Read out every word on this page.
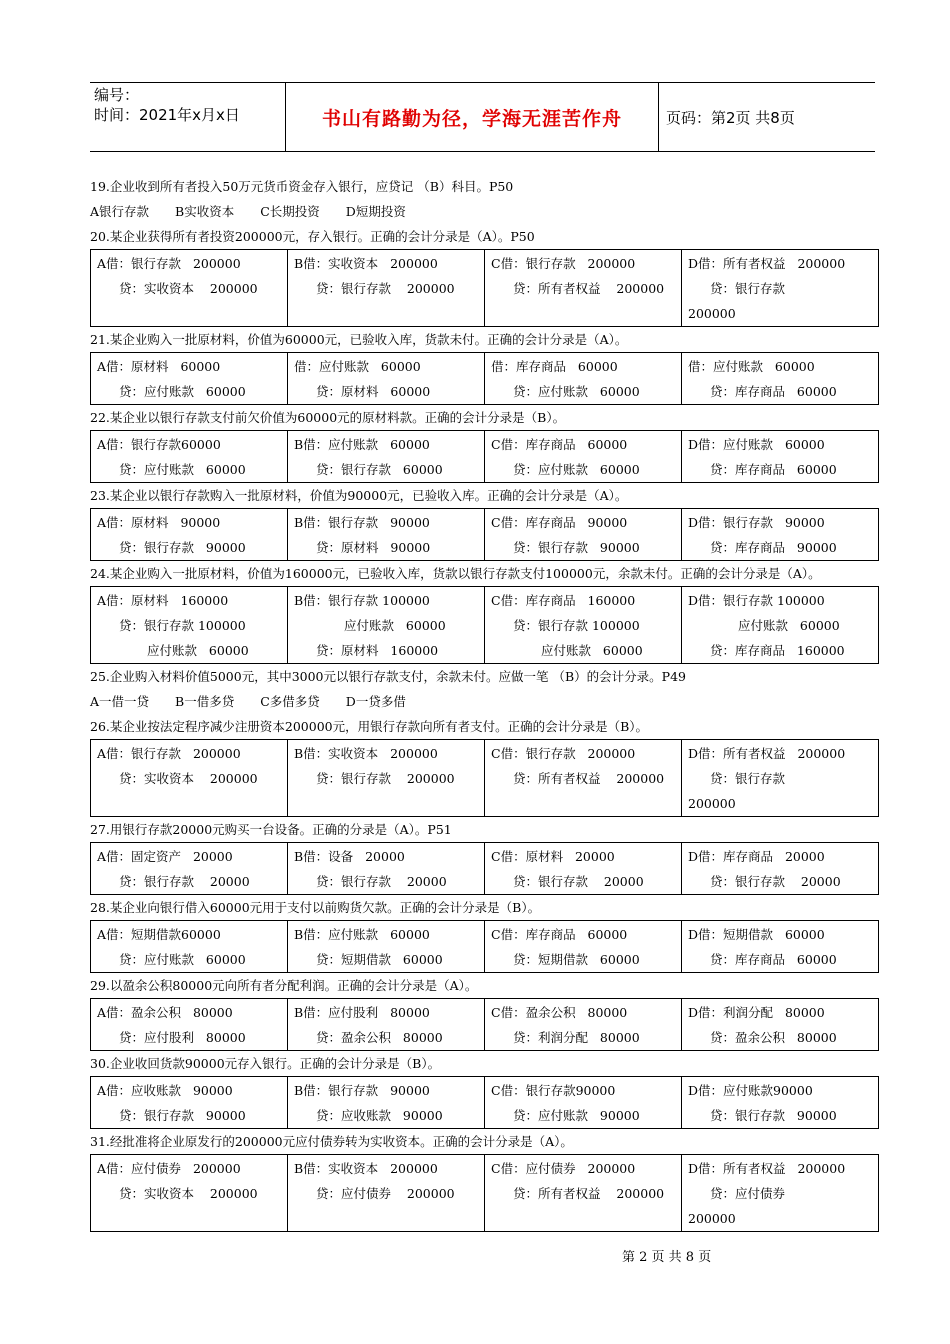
编号：
时间：2021年x月x日	书山有路勤为径，学海无涯苦作舟	页码：第2页 共8页
19.企业收到所有者投入50万元货币资金存入银行，应贷记 （B）科目。P50
A银行存款 B实收资本 C长期投资 D短期投资
20.某企业获得所有者投资200000元，存入银行。正确的会计分录是（A）。P50
A借：银行存款   200000
贷：实收资本    200000

B借：实收资本   200000
贷：银行存款    200000

C借：银行存款   200000
贷：所有者权益    200000

D借：所有者权益   200000
贷：银行存款
200000
21.某企业购入一批原材料，价值为60000元，已验收入库，货款未付。正确的会计分录是（A）。
A借：原材料   60000
贷：应付账款   60000

借：应付账款   60000
贷：原材料   60000

借：库存商品   60000
贷：应付账款   60000

借：应付账款   60000
贷：库存商品   60000
22.某企业以银行存款支付前欠价值为60000元的原材料款。正确的会计分录是（B）。
A借：银行存款60000
贷：应付账款   60000

B借：应付账款   60000
贷：银行存款   60000

C借：库存商品   60000
贷：应付账款   60000

D借：应付账款   60000
贷：库存商品   60000
23.某企业以银行存款购入一批原材料，价值为90000元，已验收入库。正确的会计分录是（A）。
A借：原材料   90000
贷：银行存款   90000

B借：银行存款   90000
贷：原材料   90000

C借：库存商品   90000
贷：银行存款   90000

D借：银行存款   90000
贷：库存商品   90000
24.某企业购入一批原材料，价值为160000元，已验收入库，货款以银行存款支付100000元，余款未付。正确的会计分录是（A）。
A借：原材料   160000
贷：银行存款 100000
应付账款   60000

B借：银行存款 100000
应付账款   60000
贷：原材料   160000

C借：库存商品   160000
贷：银行存款 100000
应付账款   60000

D借：银行存款 100000
应付账款   60000
贷：库存商品   160000
25.企业购入材料价值5000元，其中3000元以银行存款支付，余款未付。应做一笔 （B）的会计分录。P49
A一借一贷 B一借多贷 C多借多贷 D一贷多借
26.某企业按法定程序减少注册资本200000元，用银行存款向所有者支付。正确的会计分录是（B）。
A借：银行存款   200000
贷：实收资本    200000

B借：实收资本   200000
贷：银行存款    200000

C借：银行存款   200000
贷：所有者权益    200000

D借：所有者权益   200000
贷：银行存款
200000
27.用银行存款20000元购买一台设备。正确的分录是（A）。P51
A借：固定资产   20000
贷：银行存款    20000

B借：设备   20000
贷：银行存款    20000

C借：原材料   20000
贷：银行存款    20000

D借：库存商品   20000
贷：银行存款    20000
28.某企业向银行借入60000元用于支付以前购货欠款。正确的会计分录是（B）。
A借：短期借款60000
贷：应付账款   60000

B借：应付账款   60000
贷：短期借款   60000

C借：库存商品   60000
贷：短期借款   60000

D借：短期借款   60000
贷：库存商品   60000
29.以盈余公积80000元向所有者分配利润。正确的会计分录是（A）。
A借：盈余公积   80000
贷：应付股利   80000

B借：应付股利   80000
贷：盈余公积   80000

C借：盈余公积   80000
贷：利润分配   80000

D借：利润分配   80000
贷：盈余公积   80000
30.企业收回货款90000元存入银行。正确的会计分录是（B）。
A借：应收账款   90000
贷：银行存款   90000

B借：银行存款   90000
贷：应收账款   90000

C借：银行存款90000
贷：应付账款   90000

D借：应付账款90000
贷：银行存款   90000
31.经批准将企业原发行的200000元应付债券转为实收资本。正确的会计分录是（A）。
A借：应付债券   200000
贷：实收资本    200000

B借：实收资本   200000
贷：应付债券    200000

C借：应付债券   200000
贷：所有者权益    200000

D借：所有者权益   200000
贷：应付债券
200000
第 2 页 共 8 页
